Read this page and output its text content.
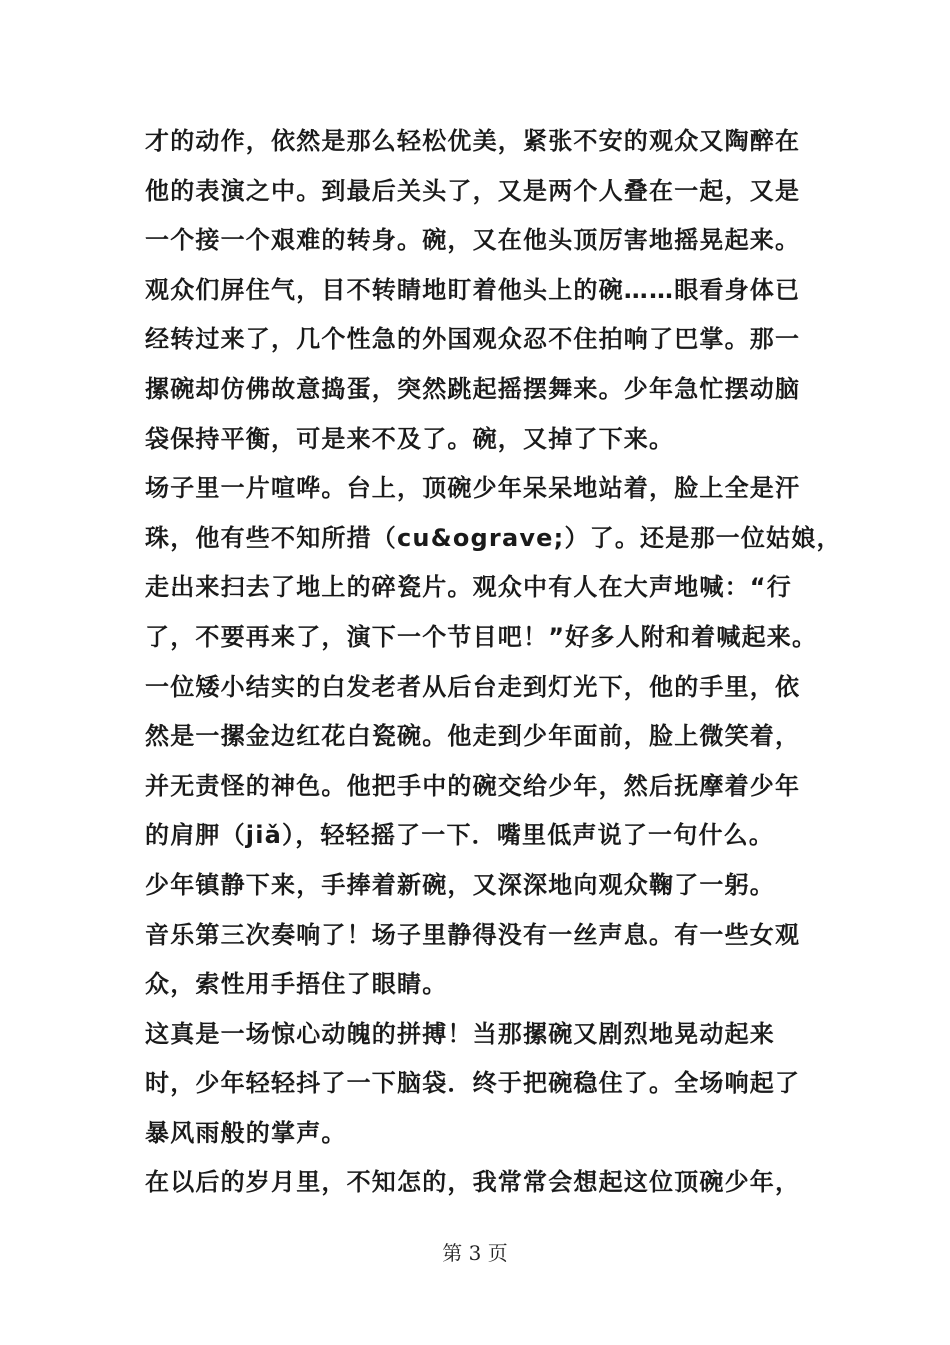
才的动作，依然是那么轻松优美，紧张不安的观众又陶醉在
他的表演之中。到最后关头了，又是两个人叠在一起，又是
一个接一个艰难的转身。碗，又在他头顶厉害地摇晃起来。
观众们屏住气，目不转睛地盯着他头上的碗……眼看身体已
经转过来了，几个性急的外国观众忍不住拍响了巴掌。那一
摞碗却仿佛故意捣蛋，突然跳起摇摆舞来。少年急忙摆动脑
袋保持平衡，可是来不及了。碗，又掉了下来。
场子里一片喧哗。台上，顶碗少年呆呆地站着，脸上全是汗
珠，他有些不知所措（cu&ograve;）了。还是那一位姑娘，
走出来扫去了地上的碎瓷片。观众中有人在大声地喊：“行
了，不要再来了，演下一个节目吧！”好多人附和着喊起来。
一位矮小结实的白发老者从后台走到灯光下，他的手里，依
然是一摞金边红花白瓷碗。他走到少年面前，脸上微笑着，
并无责怪的神色。他把手中的碗交给少年，然后抚摩着少年
的肩胛（jiǎ），轻轻摇了一下．嘴里低声说了一句什么。
少年镇静下来，手捧着新碗，又深深地向观众鞠了一躬。
音乐第三次奏响了！场子里静得没有一丝声息。有一些女观
众，索性用手捂住了眼睛。
这真是一场惊心动魄的拼搏！当那摞碗又剧烈地晃动起来
时，少年轻轻抖了一下脑袋．终于把碗稳住了。全场响起了
暴风雨般的掌声。
在以后的岁月里，不知怎的，我常常会想起这位顶碗少年，
第 3 页
